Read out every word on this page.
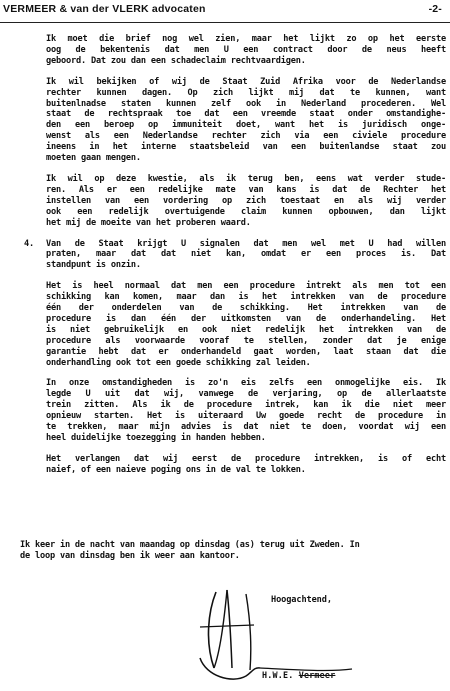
VERMEER & van der VLERK advocaten	-2-
Ik moet die brief nog wel zien, maar het lijkt zo op het eerste
oog de bekentenis dat men U een contract door de neus heeft
geboord. Dat zou dan een schadeclaim rechtvaardigen.
Ik wil bekijken of wij de Staat Zuid Afrika voor de Nederlandse
rechter kunnen dagen. Op zich lijkt mij dat te kunnen, want
buitenlnadse staten kunnen zelf ook in Nederland procederen. Wel
staat de rechtspraak toe dat een vreemde staat onder omstandighe-
den een beroep op immuniteit doet, want het is juridisch onge-
wenst als een Nederlandse rechter zich via een civiele procedure
ineens in het interne staatsbeleid van een buitenlandse staat zou
moeten gaan mengen.
Ik wil op deze kwestie, als ik terug ben, eens wat verder studе-
ren. Als er een redelijke mate van kans is dat de Rechter het
instellen van een vordering op zich toestaat en als wij verder
ook een redelijk overtuigende claim kunnen opbouwen, dan lijkt
het mij de moeite van het proberen waard.
4. Van de Staat krijgt U signalen dat men wel met U had willen
praten, maar dat dat niet kan, omdat er een proces is. Dat
standpunt is onzin.
Het is heel normaal dat men een procedure intrekt als men tot een
schikking kan komen, maar dan is het intrekken van de procedure
één der onderdelen van de schikking. Het intrekken van de
procedure is dan één der uitkomsten van de onderhandeling. Het
is niet gebruikelijk en ook niet redelijk het intrekken van de
procedure als voorwaarde vooraf te stellen, zonder dat je enige
garantie hebt dat er onderhandeld gaat worden, laat staan dat die
onderhandling ook tot een goede schikking zal leiden.
In onze omstandigheden is zo'n eis zelfs een onmogelijke eis. Ik
legde U uit dat wij, vanwege de verjaring, op de allerlaatste
trein zitten. Als ik de procedure intrek, kan ik die niet meer
opnieuw starten. Het is uiteraard Uw goede recht de procedure in
te trekken, maar mijn advies is dat niet te doen, voordat wij een
heel duidelijke toezegging in handen hebben.
Het verlangen dat wij eerst de procedure intrekken, is of echt
naief, of een naieve poging ons in de val te lokken.
Ik keer in de nacht van maandag op dinsdag (as) terug uit Zweden. In
de loop van dinsdag ben ik weer aan kantoor.
Hoogachtend,
H.W.E. Vermeer
